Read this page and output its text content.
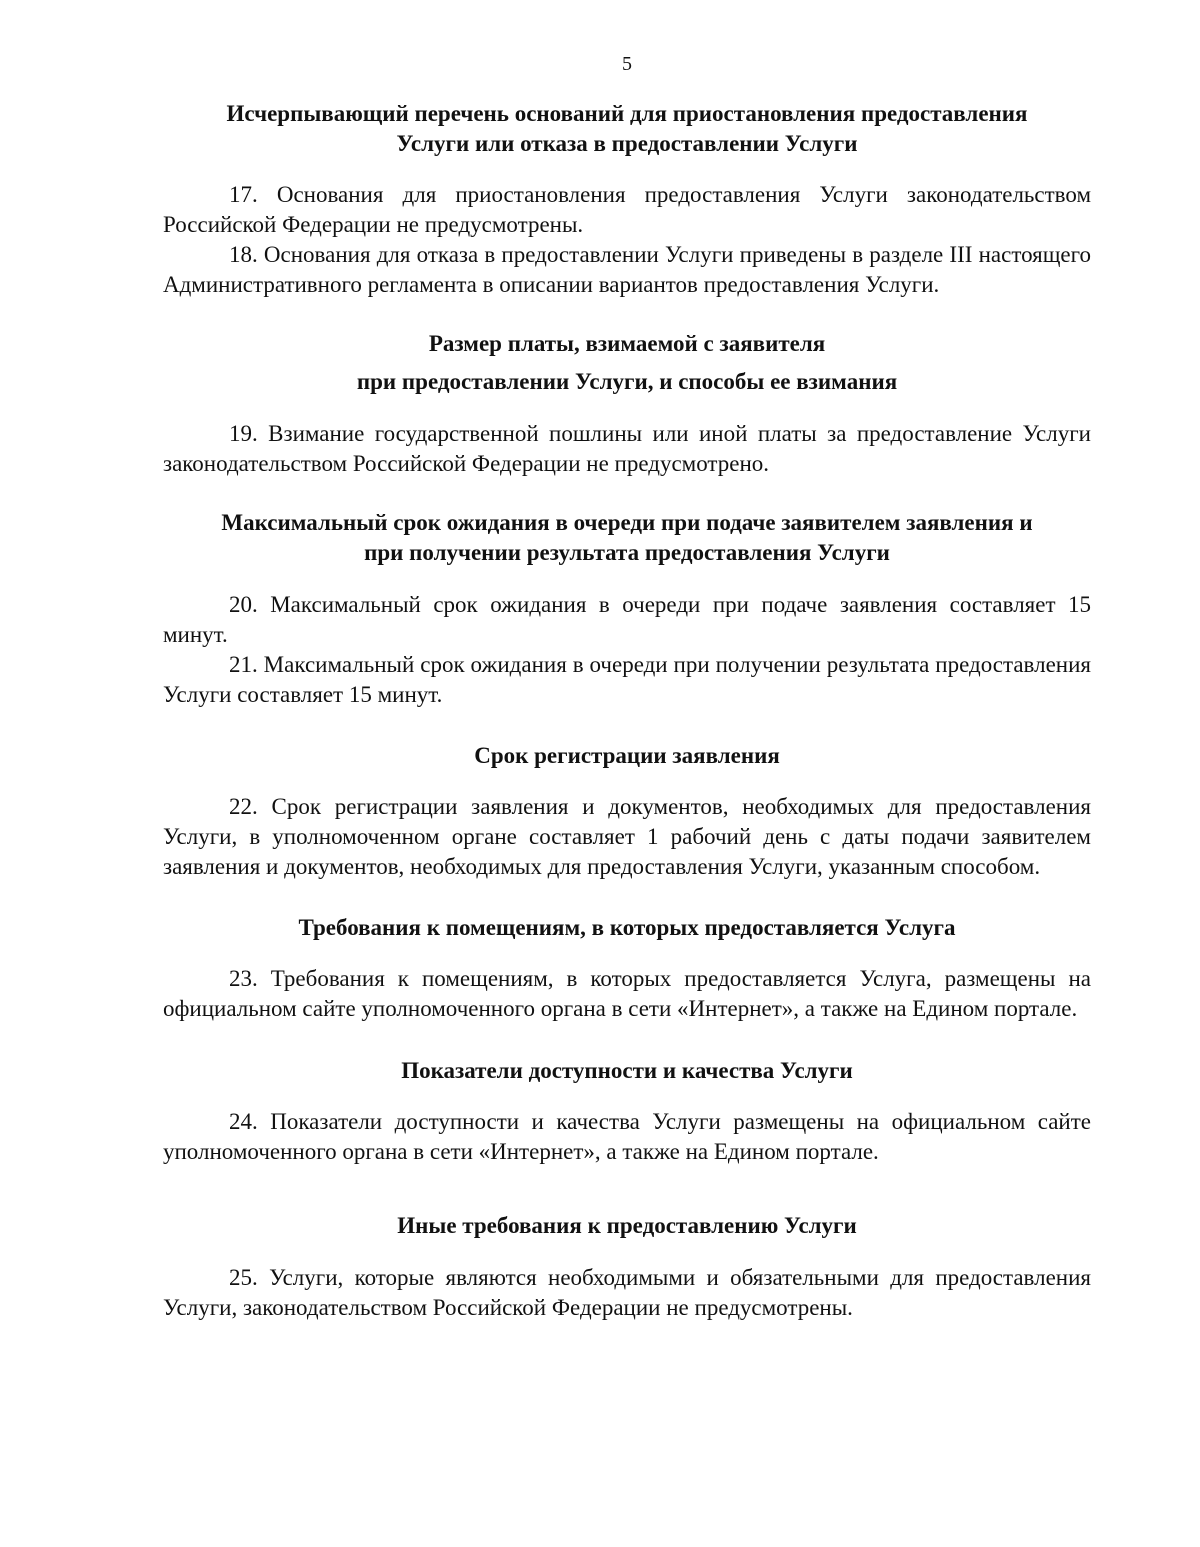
5

Исчерпывающий перечень оснований для приостановления предоставления

Услуги или отказа в предоставлении Услуги

17. Основания для приостановления предоставления Услуги законодательством Российской Федерации не предусмотрены.

18. Основания для отказа в предоставлении Услуги приведены в разделе III настоящего Административного регламента в описании вариантов предоставления Услуги.

Размер платы, взимаемой с заявителя

при предоставлении Услуги, и способы ее взимания

19. Взимание государственной пошлины или иной платы за предоставление Услуги законодательством Российской Федерации не предусмотрено.

Максимальный срок ожидания в очереди при подаче заявителем заявления и

при получении результата предоставления Услуги

20. Максимальный срок ожидания в очереди при подаче заявления составляет 15 минут.

21. Максимальный срок ожидания в очереди при получении результата предоставления Услуги составляет 15 минут.

Срок регистрации заявления

22. Срок регистрации заявления и документов, необходимых для предоставления Услуги, в уполномоченном органе составляет 1 рабочий день с даты подачи заявителем заявления и документов, необходимых для предоставления Услуги, указанным способом.

Требования к помещениям, в которых предоставляется Услуга

23. Требования к помещениям, в которых предоставляется Услуга, размещены на официальном сайте уполномоченного органа в сети «Интернет», а также на Едином портале.

Показатели доступности и качества Услуги

24. Показатели доступности и качества Услуги размещены на официальном сайте уполномоченного органа в сети «Интернет», а также на Едином портале.

Иные требования к предоставлению Услуги

25. Услуги, которые являются необходимыми и обязательными для предоставления Услуги, законодательством Российской Федерации не предусмотрены.
